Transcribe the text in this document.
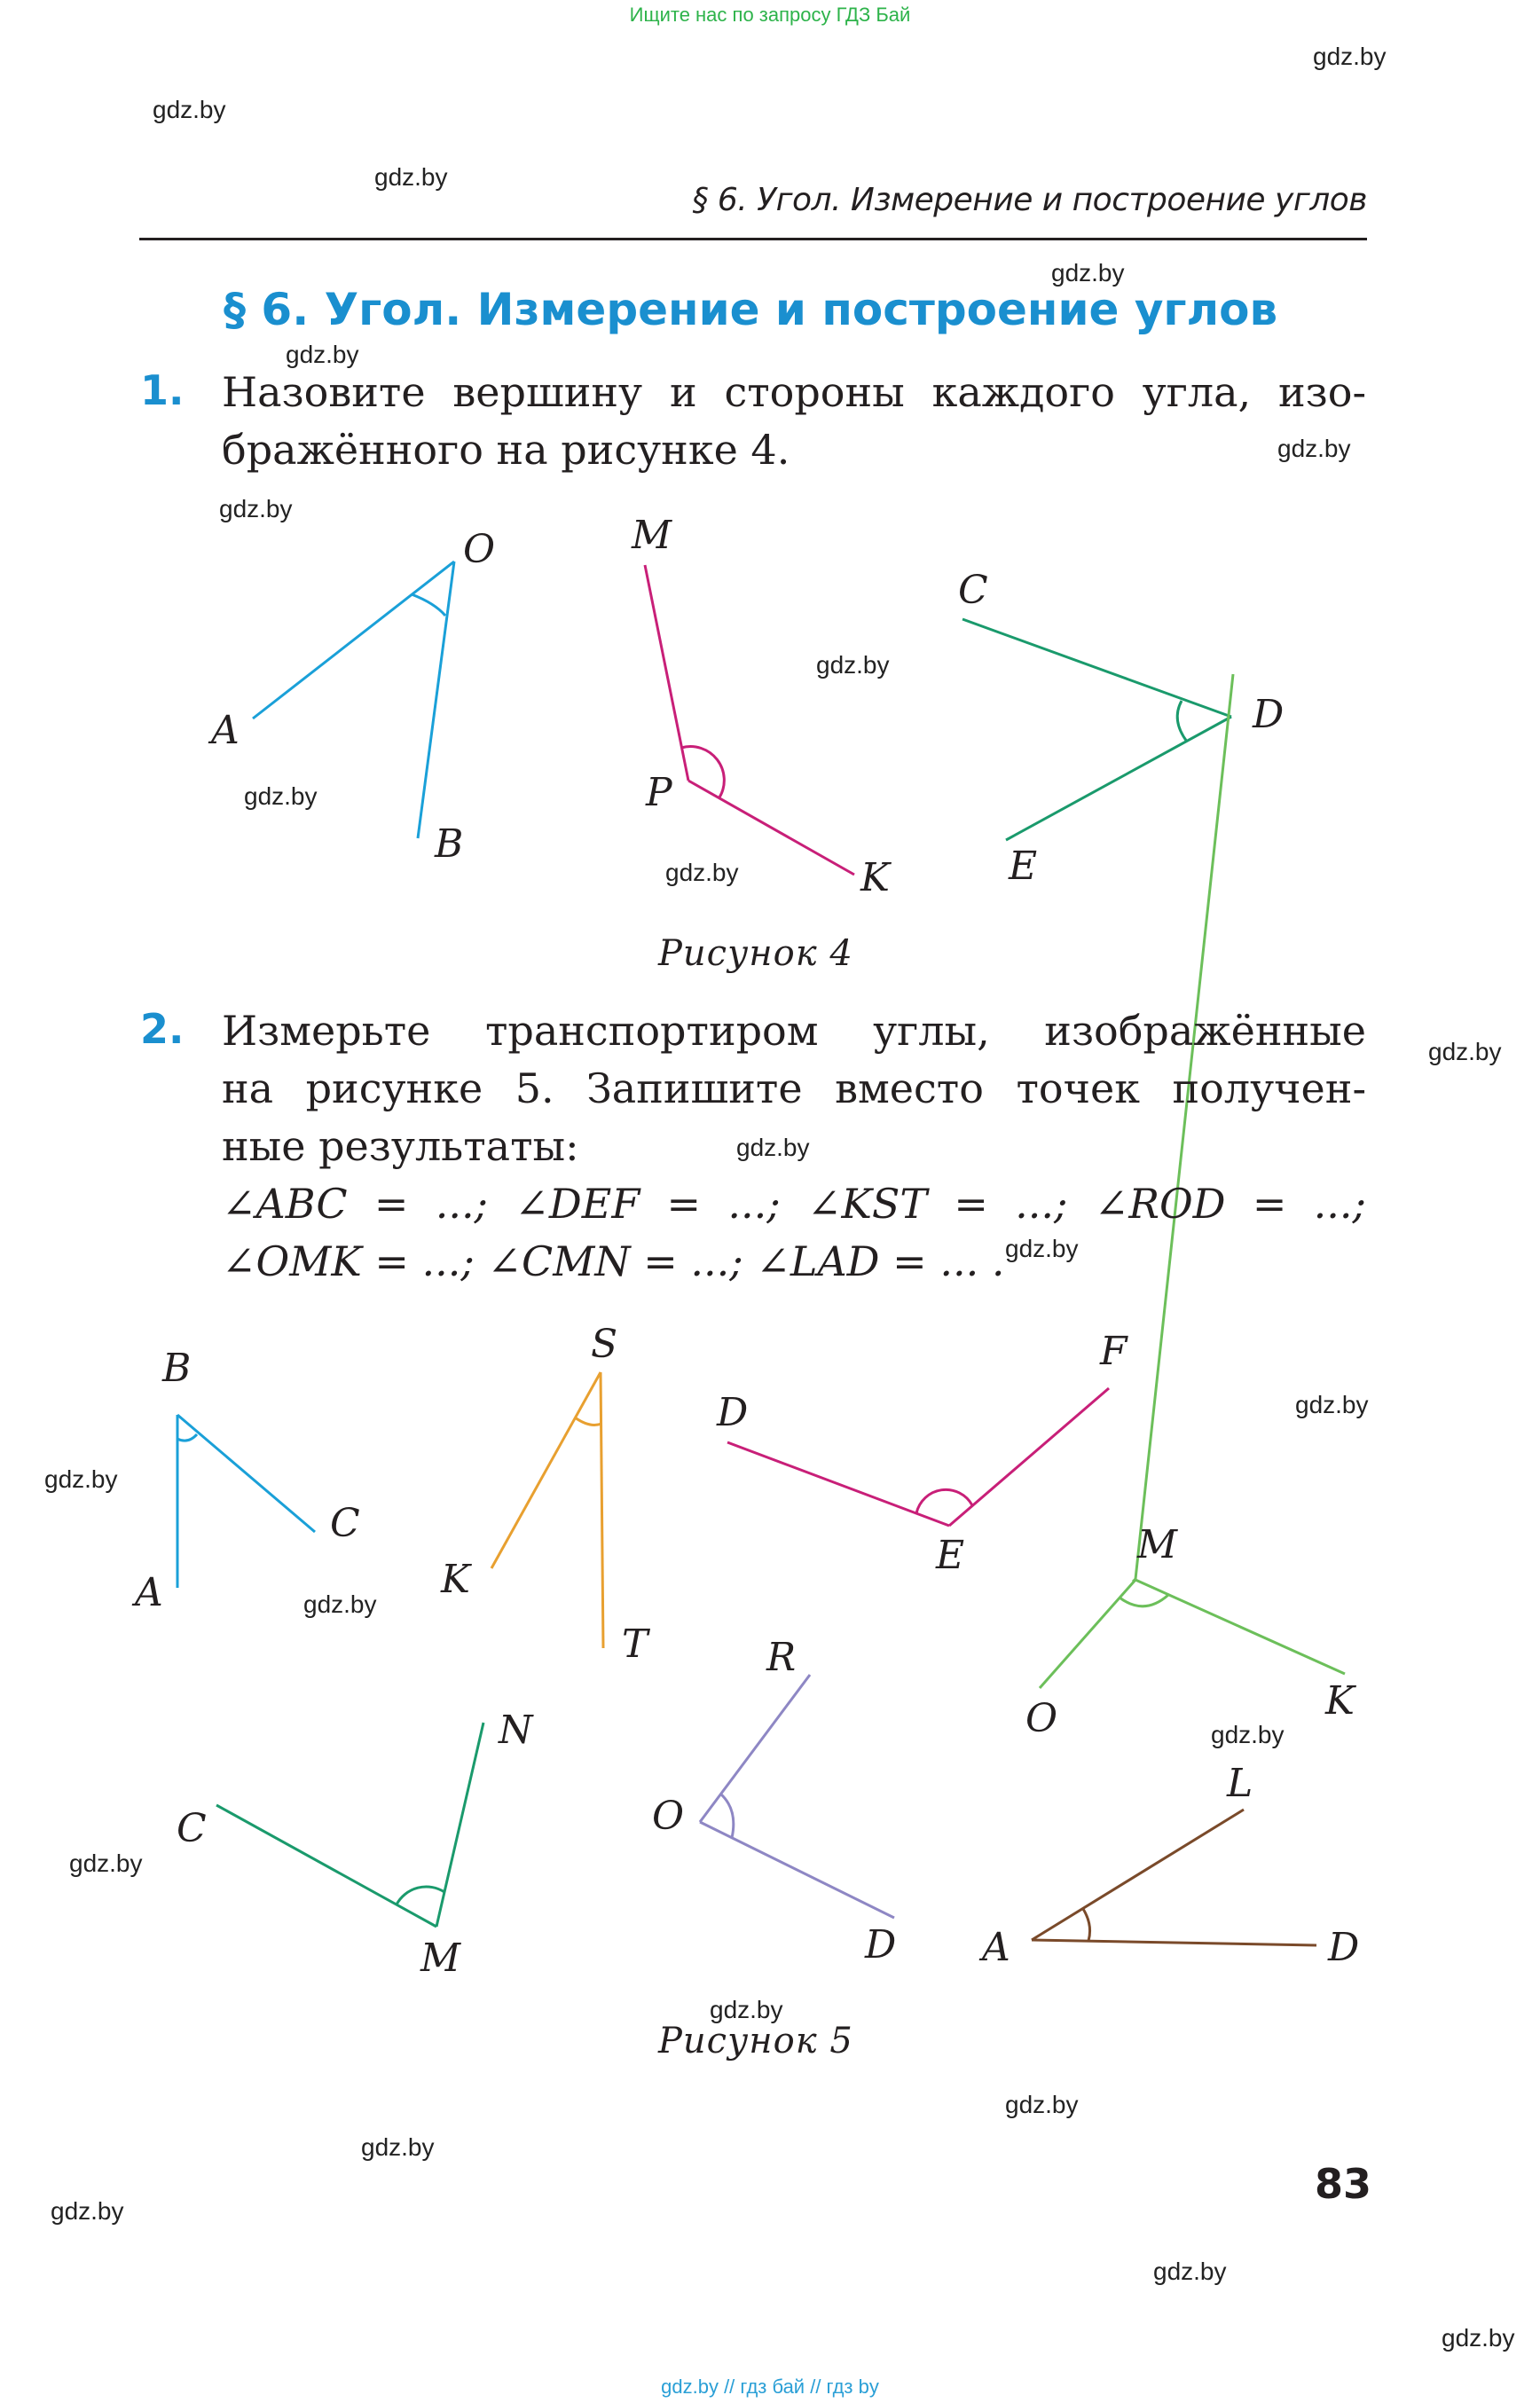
Ищите нас по запросу ГДЗ Бай
gdz.by // гдз бай // гдз by
gdz.by
gdz.by
gdz.by
gdz.by
gdz.by
gdz.by
gdz.by
gdz.by
gdz.by
gdz.by
gdz.by
gdz.by
gdz.by
gdz.by
gdz.by
gdz.by
gdz.by
gdz.by
gdz.by
gdz.by
gdz.by
gdz.by
gdz.by
gdz.by
§ 6. Угол. Измерение и построение углов
§ 6. Угол. Измерение и построение углов
1. Назовите вершину и стороны каждого угла, изо-
бражённого на рисунке 4.
O
A
B
M
P
K
C
D
E
B
A
C
S
K
T
D
E
F
M
O	K
N
C
M
R
O
D
L
A	D
Рисунок 4
2. Измерьте транспортиром углы, изображённые
на рисунке 5. Запишите вместо точек получен-
ные результаты:
∠ABC = ...; ∠DEF = ...; ∠KST = ...; ∠ROD = ...;
∠OMK = ...; ∠CMN = ...; ∠LAD = ... .
Рисунок 5
83
